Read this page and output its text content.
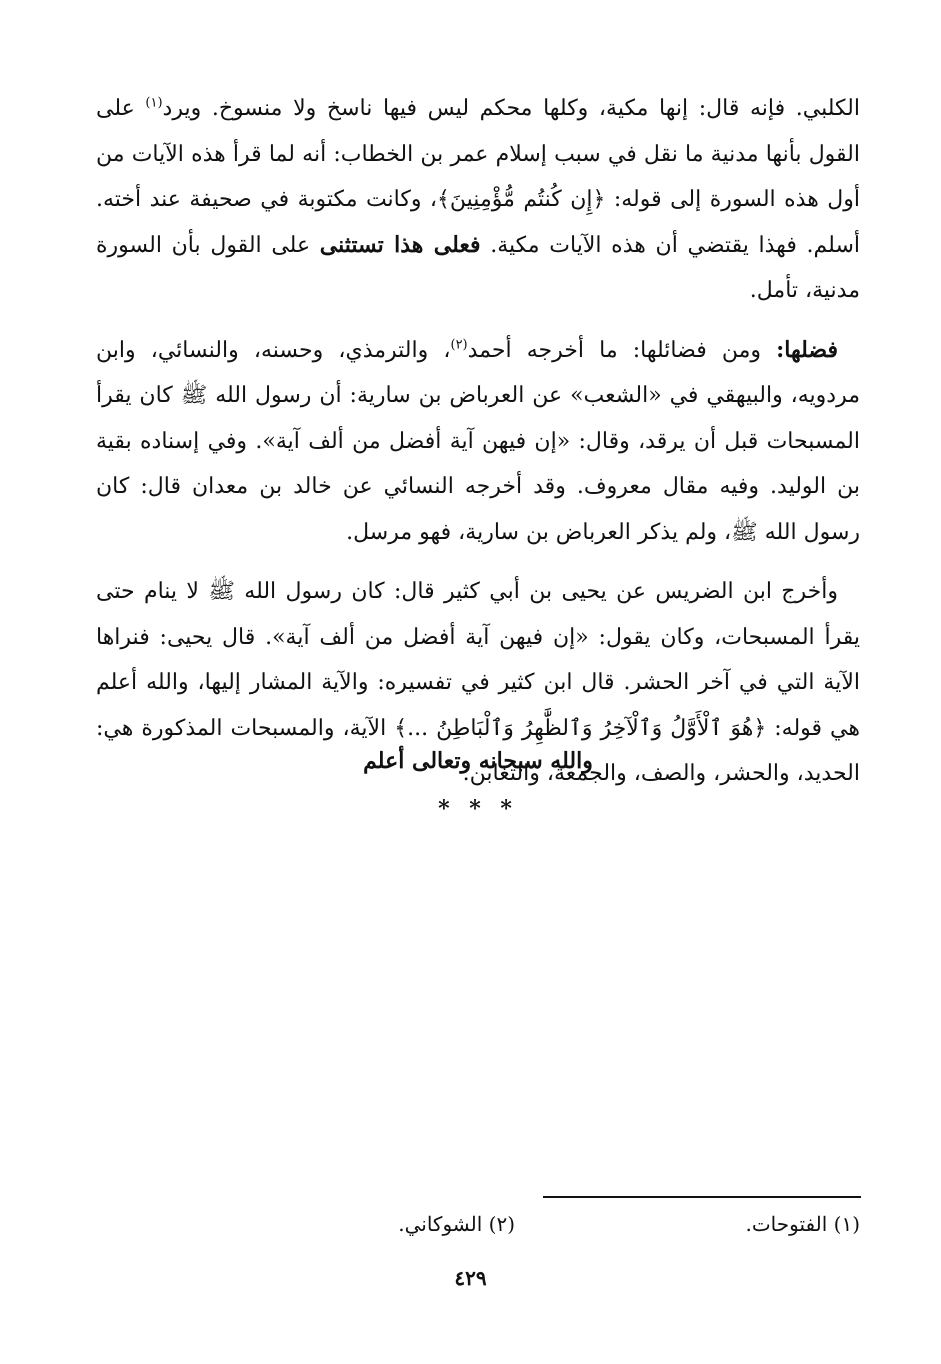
الكلبي. فإنه قال: إنها مكية، وكلها محكم ليس فيها ناسخ ولا منسوخ. ويرد$^{(١)}$ على القول بأنها مدنية ما نقل في سبب إسلام عمر بن الخطاب: أنه لما قرأ هذه الآيات من أول هذه السورة إلى قوله: ﴿إِن كُنتُم مُّؤْمِنِينَ﴾، وكانت مكتوبة في صحيفة عند أخته. أسلم. فهذا يقتضي أن هذه الآيات مكية. فعلى هذا تستثنى على القول بأن السورة مدنية، تأمل.

فضلها: ومن فضائلها: ما أخرجه أحمد$^{(٢)}$، والترمذي، وحسنه، والنسائي، وابن مردويه، والبيهقي في «الشعب» عن العرباض بن سارية: أن رسول الله ﷺ كان يقرأ المسبحات قبل أن يرقد، وقال: «إن فيهن آية أفضل من ألف آية». وفي إسناده بقية بن الوليد. وفيه مقال معروف. وقد أخرجه النسائي عن خالد بن معدان قال: كان رسول الله ﷺ، ولم يذكر العرباض بن سارية، فهو مرسل.

وأخرج ابن الضريس عن يحيى بن أبي كثير قال: كان رسول الله ﷺ لا ينام حتى يقرأ المسبحات، وكان يقول: «إن فيهن آية أفضل من ألف آية». قال يحيى: فنراها الآية التي في آخر الحشر. قال ابن كثير في تفسيره: والآية المشار إليها، والله أعلم هي قوله: ﴿هُوَ ٱلْأَوَّلُ وَٱلْآخِرُ وَٱلظَّٰهِرُ وَٱلْبَاطِنُ ...﴾ الآية، والمسبحات المذكورة هي: الحديد، والحشر، والصف، والجمعة، والتغابن.

والله سبحانه وتعالى أعلم
* * *
(١) الفتوحات.
(٢) الشوكاني.
٤٢٩
